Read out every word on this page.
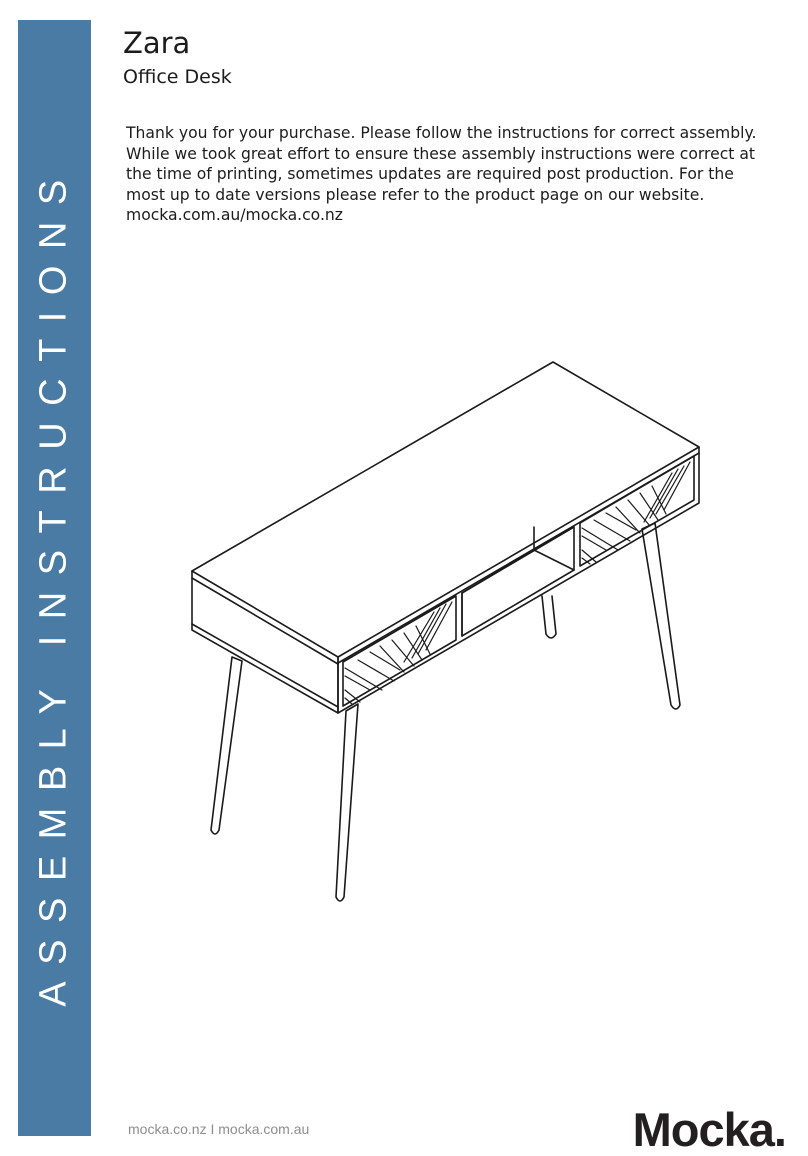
ASSEMBLY INSTRUCTIONS
Zara
Office Desk

Thank you for your purchase. Please follow the instructions for correct assembly. While we took great effort to ensure these assembly instructions were correct at the time of printing, sometimes updates are required post production. For the most up to date versions please refer to the product page on our website. mocka.com.au/mocka.co.nz

mocka.co.nz I mocka.com.au	Mocka.
